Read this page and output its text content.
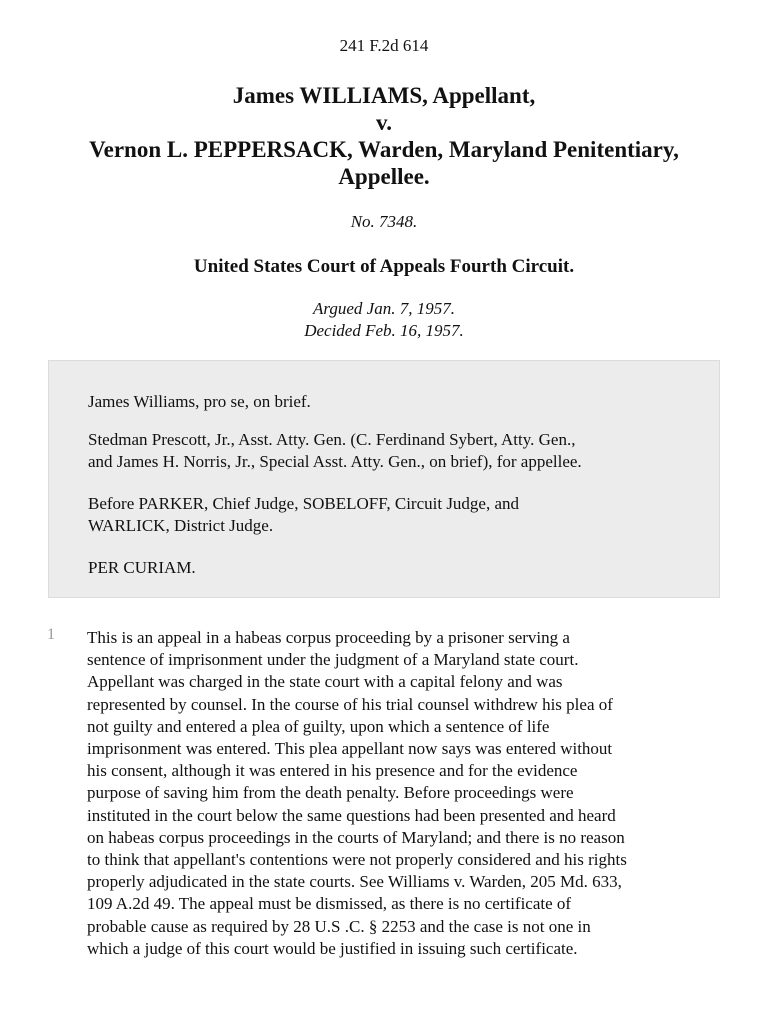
241 F.2d 614
James WILLIAMS, Appellant,
v.
Vernon L. PEPPERSACK, Warden, Maryland Penitentiary,
Appellee.
No. 7348.
United States Court of Appeals Fourth Circuit.
Argued Jan. 7, 1957.
Decided Feb. 16, 1957.

James Williams, pro se, on brief.

Stedman Prescott, Jr., Asst. Atty. Gen. (C. Ferdinand Sybert, Atty. Gen.,
and James H. Norris, Jr., Special Asst. Atty. Gen., on brief), for appellee.

Before PARKER, Chief Judge, SOBELOFF, Circuit Judge, and
WARLICK, District Judge.

PER CURIAM.

1 This is an appeal in a habeas corpus proceeding by a prisoner serving a
sentence of imprisonment under the judgment of a Maryland state court.
Appellant was charged in the state court with a capital felony and was
represented by counsel. In the course of his trial counsel withdrew his plea of
not guilty and entered a plea of guilty, upon which a sentence of life
imprisonment was entered. This plea appellant now says was entered without
his consent, although it was entered in his presence and for the evidence
purpose of saving him from the death penalty. Before proceedings were
instituted in the court below the same questions had been presented and heard
on habeas corpus proceedings in the courts of Maryland; and there is no reason
to think that appellant's contentions were not properly considered and his rights
properly adjudicated in the state courts. See Williams v. Warden, 205 Md. 633,
109 A.2d 49. The appeal must be dismissed, as there is no certificate of
probable cause as required by 28 U.S .C. § 2253 and the case is not one in
which a judge of this court would be justified in issuing such certificate.
